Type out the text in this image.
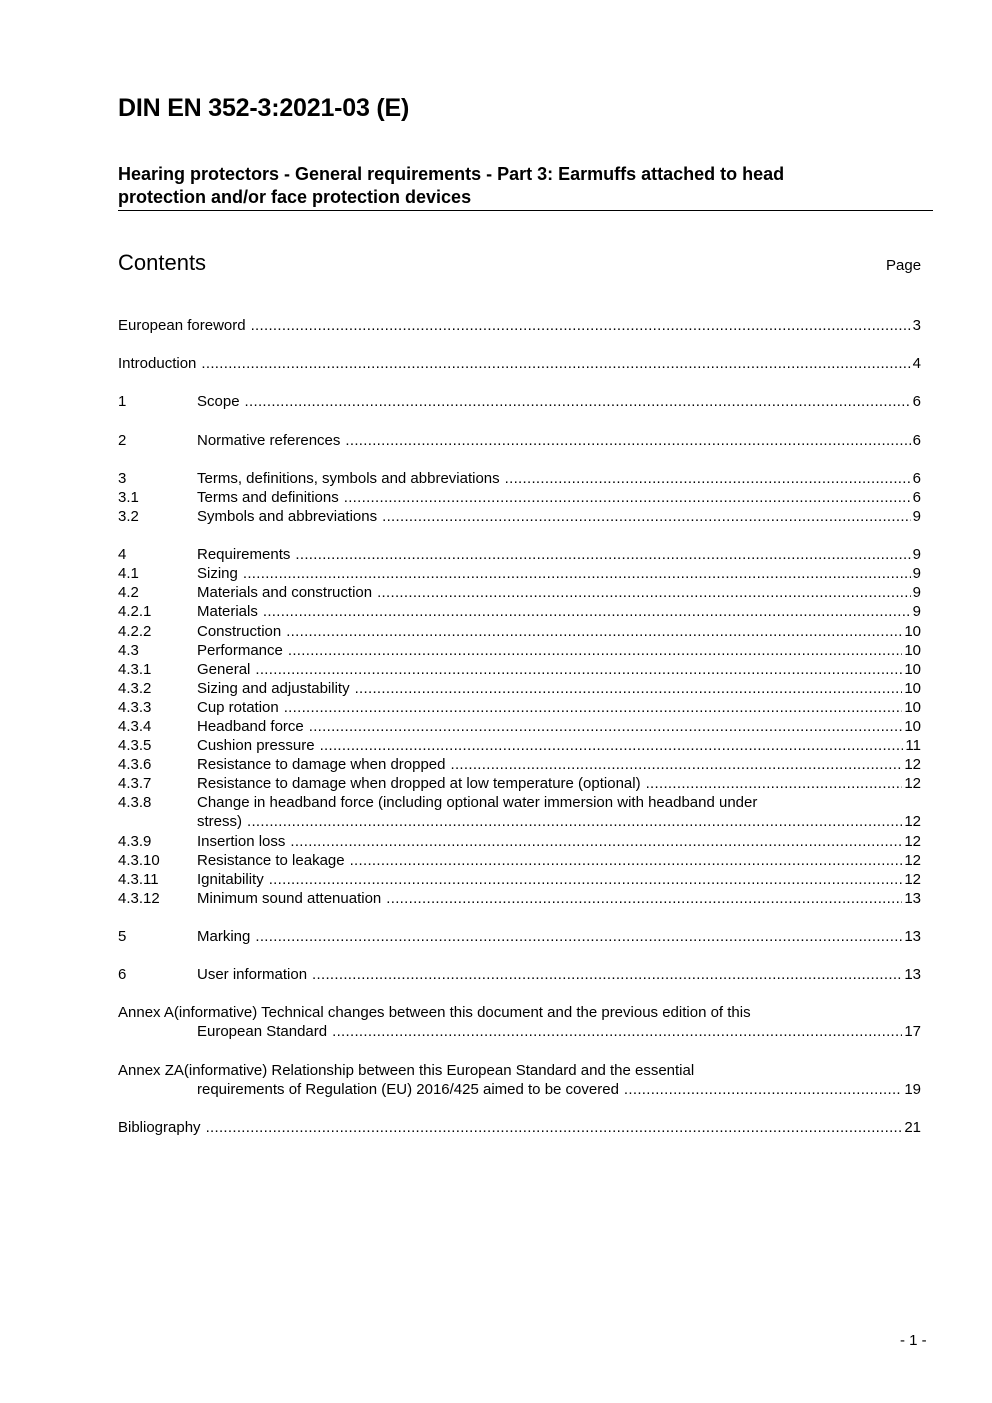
DIN EN 352-3:2021-03 (E)
Hearing protectors - General requirements - Part 3: Earmuffs attached to head
protection and/or face protection devices
Contents	Page
European foreword .....	3
Introduction .....	4
1	Scope .....	6
2	Normative references .....	6
3	Terms, definitions, symbols and abbreviations .....	6
3.1	Terms and definitions .....	6
3.2	Symbols and abbreviations .....	9
4	Requirements .....	9
4.1	Sizing .....	9
4.2	Materials and construction .....	9
4.2.1	Materials .....	9
4.2.2	Construction .....	10
4.3	Performance .....	10
4.3.1	General .....	10
4.3.2	Sizing and adjustability .....	10
4.3.3	Cup rotation .....	10
4.3.4	Headband force .....	10
4.3.5	Cushion pressure .....	11
4.3.6	Resistance to damage when dropped .....	12
4.3.7	Resistance to damage when dropped at low temperature (optional) .....	12
4.3.8	Change in headband force (including optional water immersion with headband under
stress) .....	12
4.3.9	Insertion loss .....	12
4.3.10	Resistance to leakage .....	12
4.3.11	Ignitability .....	12
4.3.12	Minimum sound attenuation .....	13
5	Marking .....	13
6	User information .....	13
Annex A(informative) Technical changes between this document and the previous edition of this
European Standard .....	17
Annex ZA(informative) Relationship between this European Standard and the essential
requirements of Regulation (EU) 2016/425 aimed to be covered .....	19
Bibliography .....	21
- 1 -
